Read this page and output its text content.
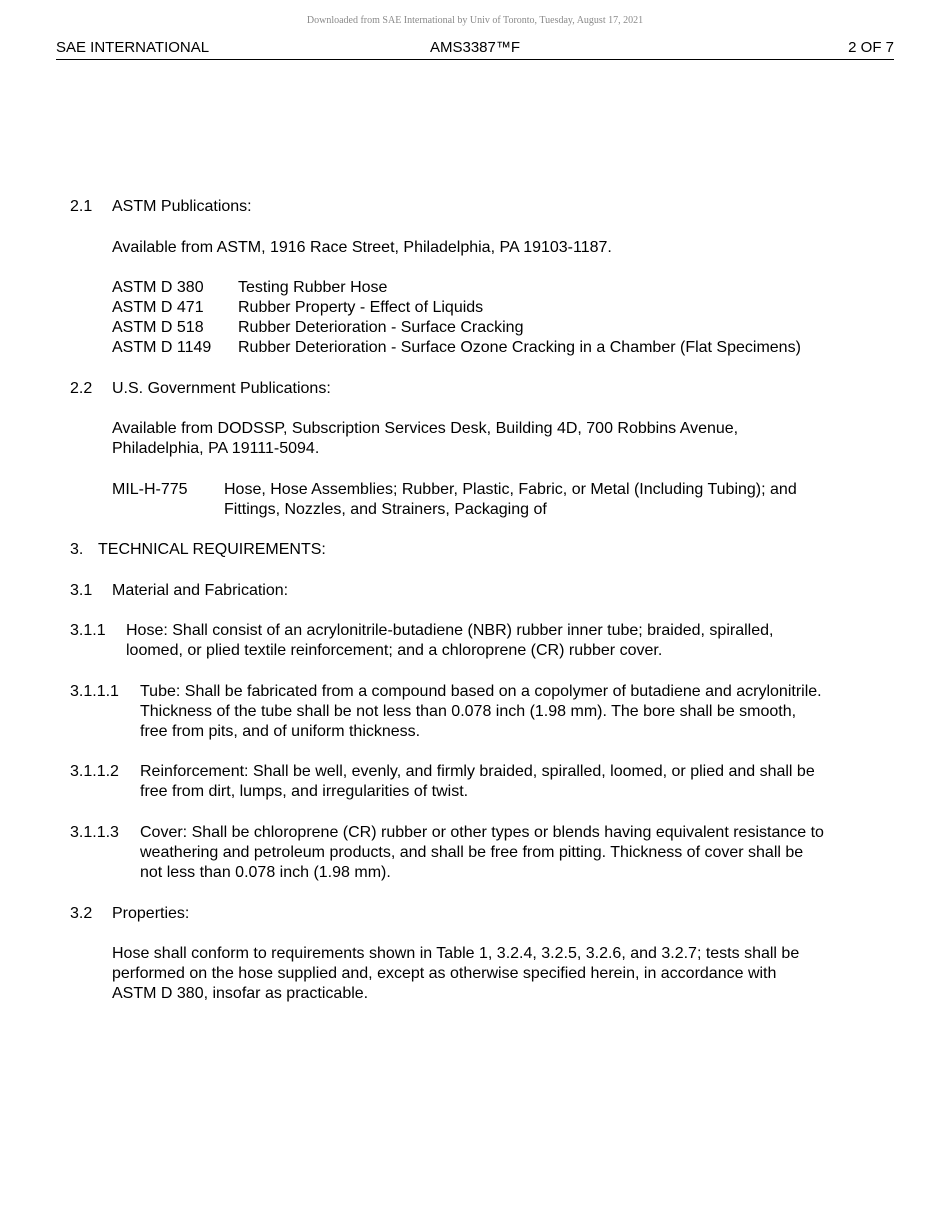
Downloaded from SAE International by Univ of Toronto, Tuesday, August 17, 2021
SAE INTERNATIONAL	AMS3387™F	2 OF 7
2.1 ASTM Publications:
Available from ASTM, 1916 Race Street, Philadelphia, PA 19103-1187.
ASTM D 380 Testing Rubber Hose
ASTM D 471 Rubber Property - Effect of Liquids
ASTM D 518 Rubber Deterioration - Surface Cracking
ASTM D 1149 Rubber Deterioration - Surface Ozone Cracking in a Chamber (Flat Specimens)
2.2 U.S. Government Publications:
Available from DODSSP, Subscription Services Desk, Building 4D, 700 Robbins Avenue,
Philadelphia, PA 19111-5094.
MIL-H-775 Hose, Hose Assemblies; Rubber, Plastic, Fabric, or Metal (Including Tubing); and
Fittings, Nozzles, and Strainers, Packaging of
3. TECHNICAL REQUIREMENTS:
3.1 Material and Fabrication:
3.1.1 Hose: Shall consist of an acrylonitrile-butadiene (NBR) rubber inner tube; braided, spiralled,
loomed, or plied textile reinforcement; and a chloroprene (CR) rubber cover.
3.1.1.1 Tube: Shall be fabricated from a compound based on a copolymer of butadiene and acrylonitrile.
Thickness of the tube shall be not less than 0.078 inch (1.98 mm). The bore shall be smooth,
free from pits, and of uniform thickness.
3.1.1.2 Reinforcement: Shall be well, evenly, and firmly braided, spiralled, loomed, or plied and shall be
free from dirt, lumps, and irregularities of twist.
3.1.1.3 Cover: Shall be chloroprene (CR) rubber or other types or blends having equivalent resistance to
weathering and petroleum products, and shall be free from pitting. Thickness of cover shall be
not less than 0.078 inch (1.98 mm).
3.2 Properties:
Hose shall conform to requirements shown in Table 1, 3.2.4, 3.2.5, 3.2.6, and 3.2.7; tests shall be
performed on the hose supplied and, except as otherwise specified herein, in accordance with
ASTM D 380, insofar as practicable.
